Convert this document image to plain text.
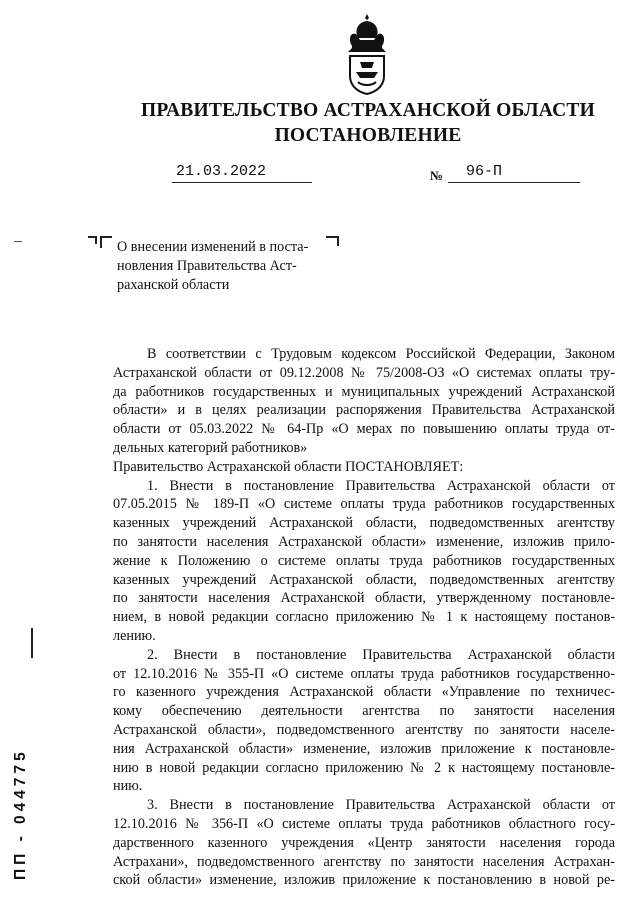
ПРАВИТЕЛЬСТВО АСТРАХАНСКОЙ ОБЛАСТИ
ПОСТАНОВЛЕНИЕ
21.03.2022	№	96-П
О внесении изменений в поста-
новления Правительства Аст-
раханской области
В соответствии с Трудовым кодексом Российской Федерации, Законом
Астраханской области от 09.12.2008 № 75/2008-ОЗ «О системах оплаты тру-
да работников государственных и муниципальных учреждений Астраханской
области» и в целях реализации распоряжения Правительства Астраханской
области от 05.03.2022 № 64-Пр «О мерах по повышению оплаты труда от-
дельных категорий работников»
Правительство Астраханской области ПОСТАНОВЛЯЕТ:
1. Внести в постановление Правительства Астраханской области от
07.05.2015 № 189-П «О системе оплаты труда работников государственных
казенных учреждений Астраханской области, подведомственных агентству
по занятости населения Астраханской области» изменение, изложив прило-
жение к Положению о системе оплаты труда работников государственных
казенных учреждений Астраханской области, подведомственных агентству
по занятости населения Астраханской области, утвержденному постановле-
нием, в новой редакции согласно приложению № 1 к настоящему постанов-
лению.
2. Внести в постановление Правительства Астраханской области
от 12.10.2016 № 355-П «О системе оплаты труда работников государственно-
го казенного учреждения Астраханской области «Управление по техничес-
кому обеспечению деятельности агентства по занятости населения
Астраханской области», подведомственного агентству по занятости населе-
ния Астраханской области» изменение, изложив приложение к постановле-
нию в новой редакции согласно приложению № 2 к настоящему постановле-
нию.
3. Внести в постановление Правительства Астраханской области от
12.10.2016 № 356-П «О системе оплаты труда работников областного госу-
дарственного казенного учреждения «Центр занятости населения города
Астрахани», подведомственного агентству по занятости населения Астрахан-
ской области» изменение, изложив приложение к постановлению в новой ре-
ПП - 044775
